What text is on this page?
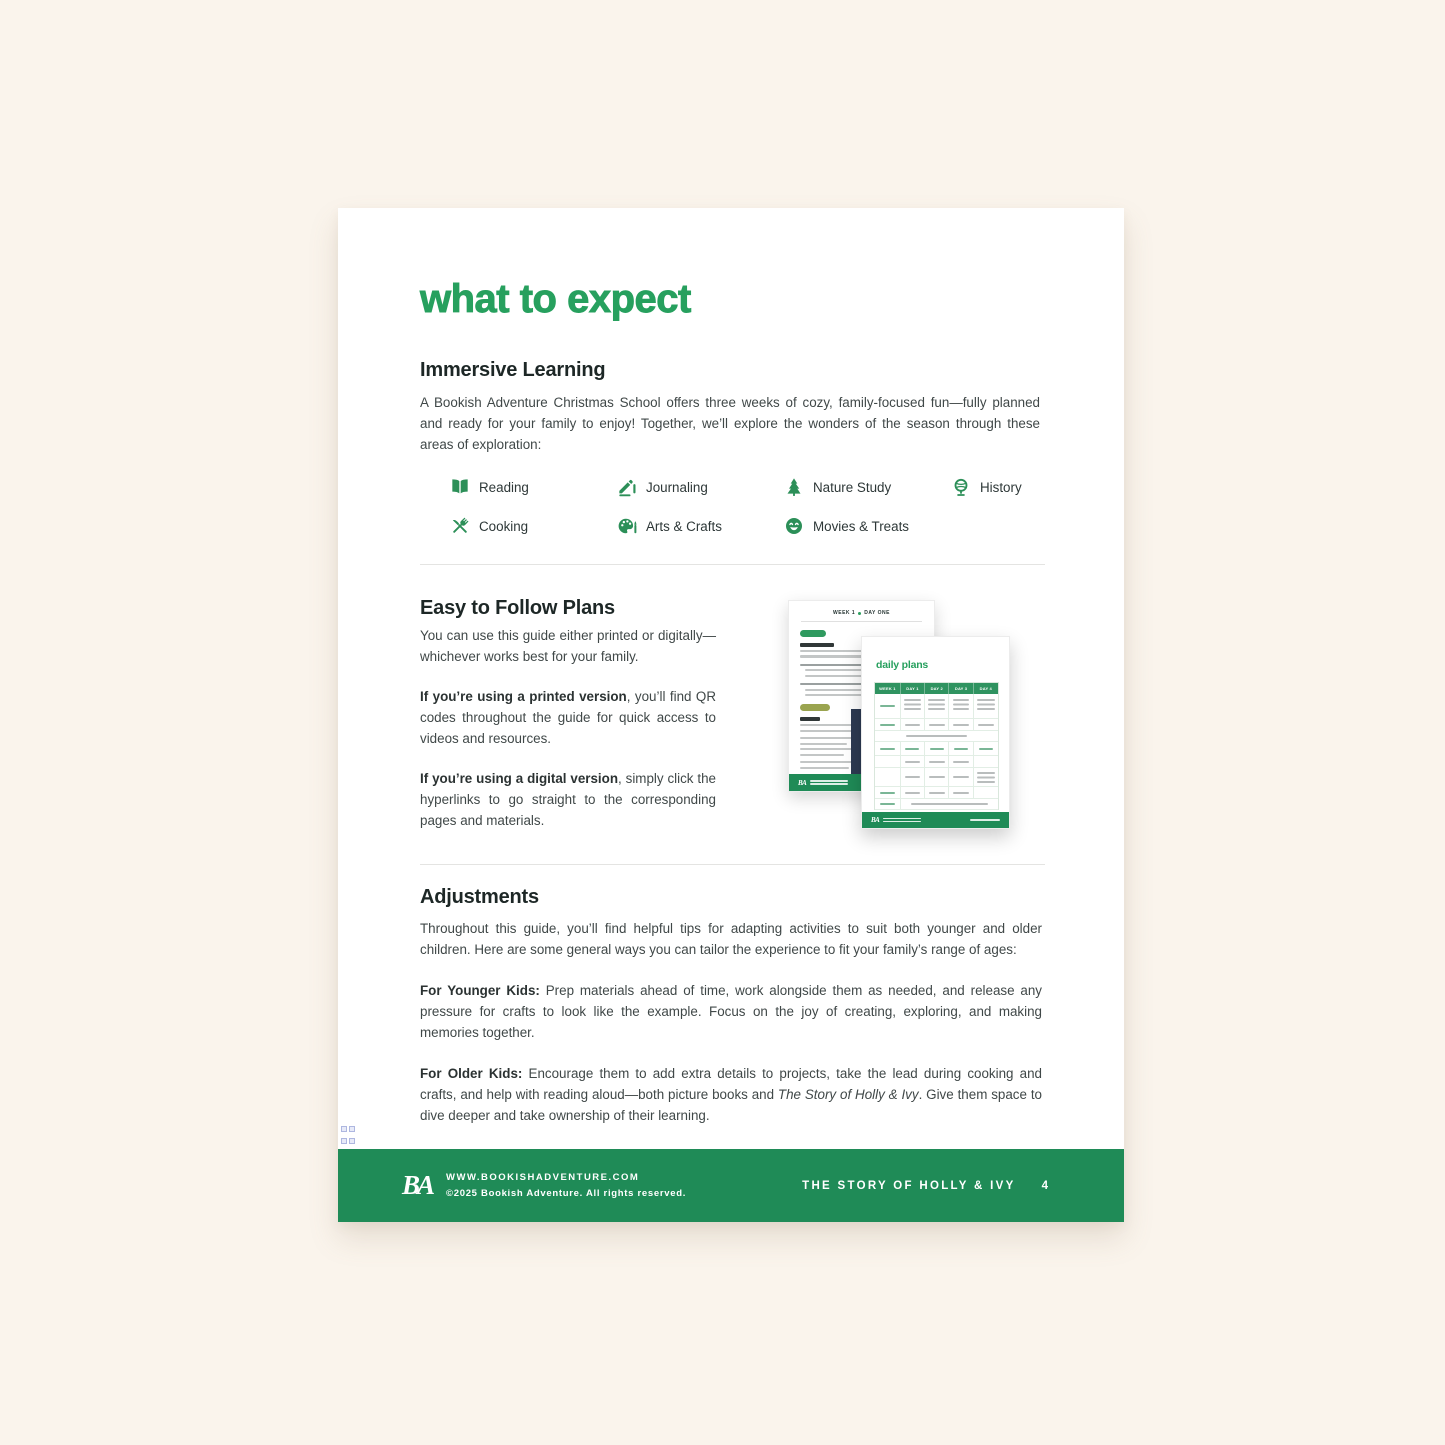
what to expect
Immersive Learning
A Bookish Adventure Christmas School offers three weeks of cozy, family-focused fun—fully planned and ready for your family to enjoy! Together, we’ll explore the wonders of the season through these areas of exploration:
Reading	Journaling	Nature Study	History
Cooking	Arts & Crafts	Movies & Treats
Easy to Follow Plans

You can use this guide either printed or digitally—whichever works best for your family.

If you’re using a printed version, you’ll find QR codes throughout the guide for quick access to videos and resources.

If you’re using a digital version, simply click the hyperlinks to go straight to the corresponding pages and materials.

WEEK 1 DAY ONE
BA
daily plans
WEEK 1	DAY 1	DAY 2	DAY 3	DAY 4
BA
Adjustments

Throughout this guide, you’ll find helpful tips for adapting activities to suit both younger and older children. Here are some general ways you can tailor the experience to fit your family’s range of ages:

For Younger Kids: Prep materials ahead of time, work alongside them as needed, and release any pressure for crafts to look like the example. Focus on the joy of creating, exploring, and making memories together.

For Older Kids: Encourage them to add extra details to projects, take the lead during cooking and crafts, and help with reading aloud—both picture books and The Story of Holly & Ivy. Give them space to dive deeper and take ownership of their learning.

BA WWW.BOOKISHADVENTURE.COM
©2025 Bookish Adventure. All rights reserved.
THE STORY OF HOLLY & IVY 4
